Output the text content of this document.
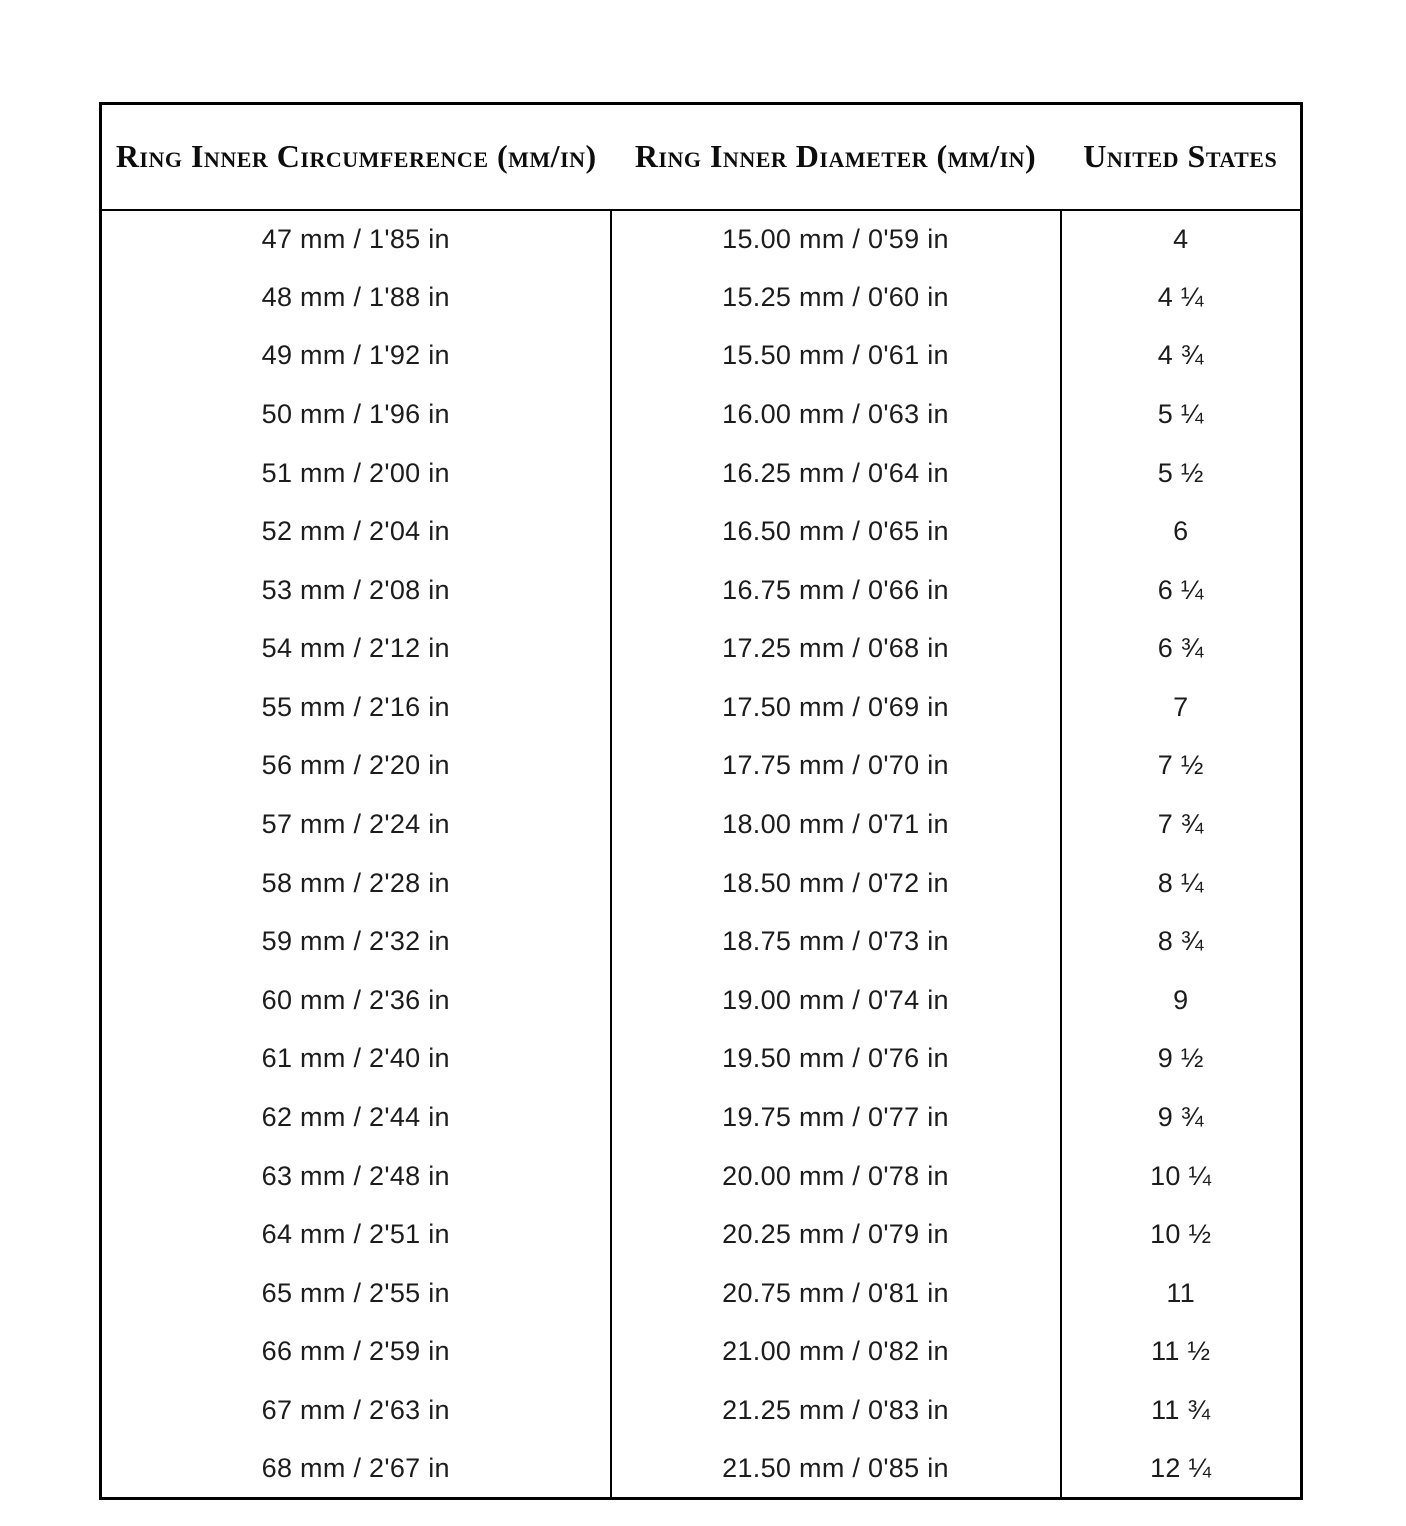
Ring Inner Circumference (mm/in)	Ring Inner Diameter (mm/in)	United States
47 mm / 1'85 in	15.00 mm / 0'59 in	4
48 mm / 1'88 in	15.25 mm / 0'60 in	4 ¼
49 mm / 1'92 in	15.50 mm / 0'61 in	4 ¾
50 mm / 1'96 in	16.00 mm / 0'63 in	5 ¼
51 mm / 2'00 in	16.25 mm / 0'64 in	5 ½
52 mm / 2'04 in	16.50 mm / 0'65 in	6
53 mm / 2'08 in	16.75 mm / 0'66 in	6 ¼
54 mm / 2'12 in	17.25 mm / 0'68 in	6 ¾
55 mm / 2'16 in	17.50 mm / 0'69 in	7
56 mm / 2'20 in	17.75 mm / 0'70 in	7 ½
57 mm / 2'24 in	18.00 mm / 0'71 in	7 ¾
58 mm / 2'28 in	18.50 mm / 0'72 in	8 ¼
59 mm / 2'32 in	18.75 mm / 0'73 in	8 ¾
60 mm / 2'36 in	19.00 mm / 0'74 in	9
61 mm / 2'40 in	19.50 mm / 0'76 in	9 ½
62 mm / 2'44 in	19.75 mm / 0'77 in	9 ¾
63 mm / 2'48 in	20.00 mm / 0'78 in	10 ¼
64 mm / 2'51 in	20.25 mm / 0'79 in	10 ½
65 mm / 2'55 in	20.75 mm / 0'81 in	11
66 mm / 2'59 in	21.00 mm / 0'82 in	11 ½
67 mm / 2'63 in	21.25 mm / 0'83 in	11 ¾
68 mm / 2'67 in	21.50 mm / 0'85 in	12 ¼
